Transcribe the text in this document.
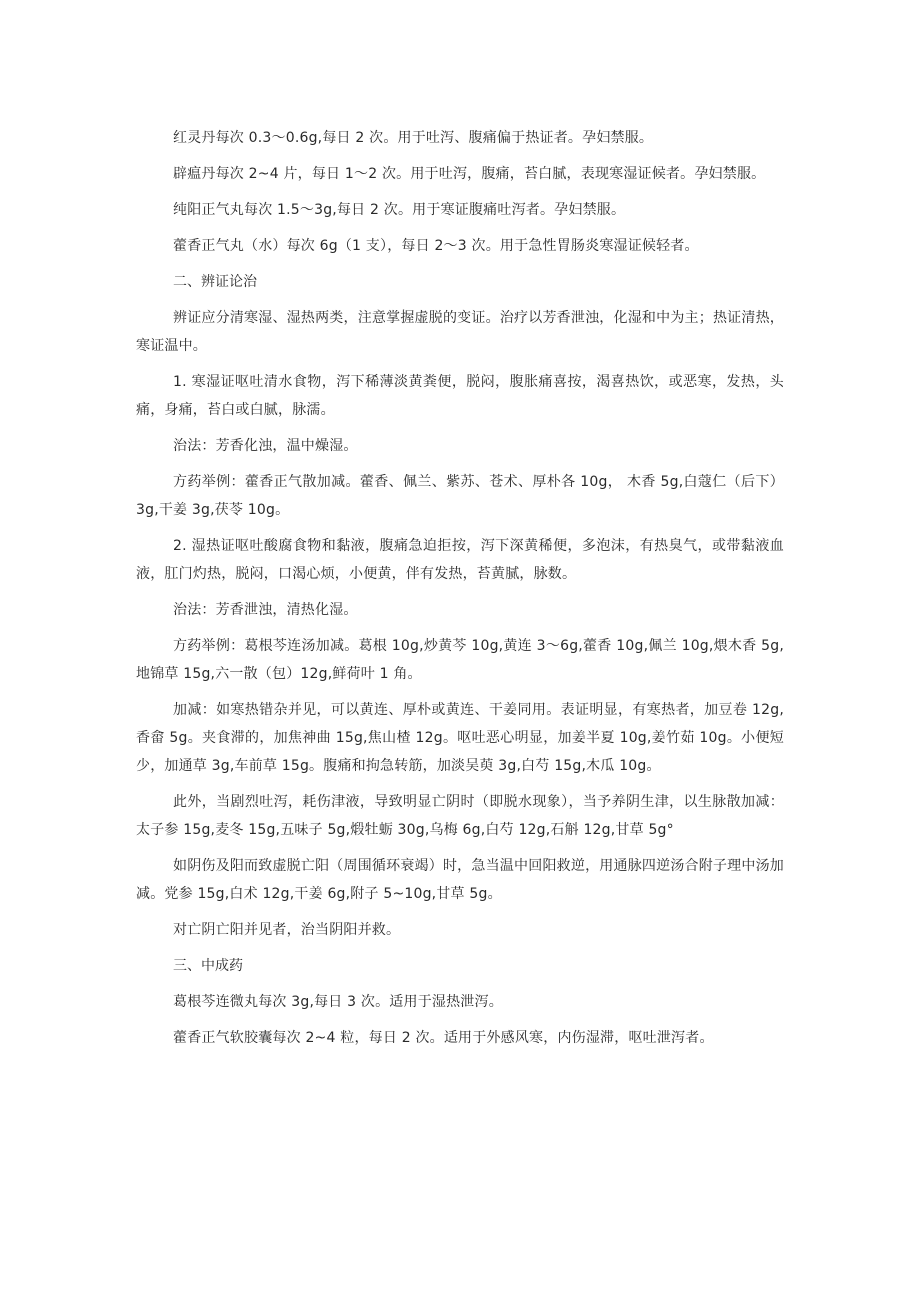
红灵丹每次 0.3～0.6g,每日 2 次。用于吐泻、腹痛偏于热证者。孕妇禁服。

辟瘟丹每次 2~4 片，每日 1～2 次。用于吐泻，腹痛，苔白腻，表现寒湿证候者。孕妇禁服。

纯阳正气丸每次 1.5～3g,每日 2 次。用于寒证腹痛吐泻者。孕妇禁服。

藿香正气丸（水）每次 6g（1 支），每日 2～3 次。用于急性胃肠炎寒湿证候轻者。

二、辨证论治

辨证应分清寒湿、湿热两类，注意掌握虚脱的变证。治疗以芳香泄浊，化湿和中为主；热证清热，寒证温中。

1. 寒湿证呕吐清水食物，泻下稀薄淡黄粪便，脱闷，腹胀痛喜按，渴喜热饮，或恶寒，发热，头痛，身痛，苔白或白腻，脉濡。

治法：芳香化浊，温中燥湿。

方药举例：藿香正气散加减。藿香、佩兰、紫苏、苍术、厚朴各 10g， 木香 5g,白蔻仁（后下）3g,干姜 3g,茯苓 10g。

2. 湿热证呕吐酸腐食物和黏液，腹痛急迫拒按，泻下深黄稀便，多泡沫，有热臭气，或带黏液血液，肛门灼热，脱闷，口渴心烦，小便黄，伴有发热，苔黄腻，脉数。

治法：芳香泄浊，清热化湿。

方药举例：葛根芩连汤加减。葛根 10g,炒黄芩 10g,黄连 3～6g,藿香 10g,佩兰 10g,煨木香 5g,地锦草 15g,六一散（包）12g,鲜荷叶 1 角。

加减：如寒热错杂并见，可以黄连、厚朴或黄连、干姜同用。表证明显，有寒热者，加豆卷 12g,香畲 5g。夹食滞的，加焦神曲 15g,焦山楂 12g。呕吐恶心明显，加姜半夏 10g,姜竹茹 10g。小便短少，加通草 3g,车前草 15g。腹痛和拘急转筋，加淡吴萸 3g,白芍 15g,木瓜 10g。

此外，当剧烈吐泻，耗伤津液，导致明显亡阴时（即脱水现象），当予养阴生津，以生脉散加减：太子参 15g,麦冬 15g,五味子 5g,煅牡蛎 30g,乌梅 6g,白芍 12g,石斛 12g,甘草 5g°

如阴伤及阳而致虚脱亡阳（周围循环衰竭）时，急当温中回阳救逆，用通脉四逆汤合附子理中汤加减。党参 15g,白术 12g,干姜 6g,附子 5~10g,甘草 5g。

对亡阴亡阳并见者，治当阴阳并救。

三、中成药

葛根芩连微丸每次 3g,每日 3 次。适用于湿热泄泻。

藿香正气软胶囊每次 2~4 粒，每日 2 次。适用于外感风寒，内伤湿滞，呕吐泄泻者。
